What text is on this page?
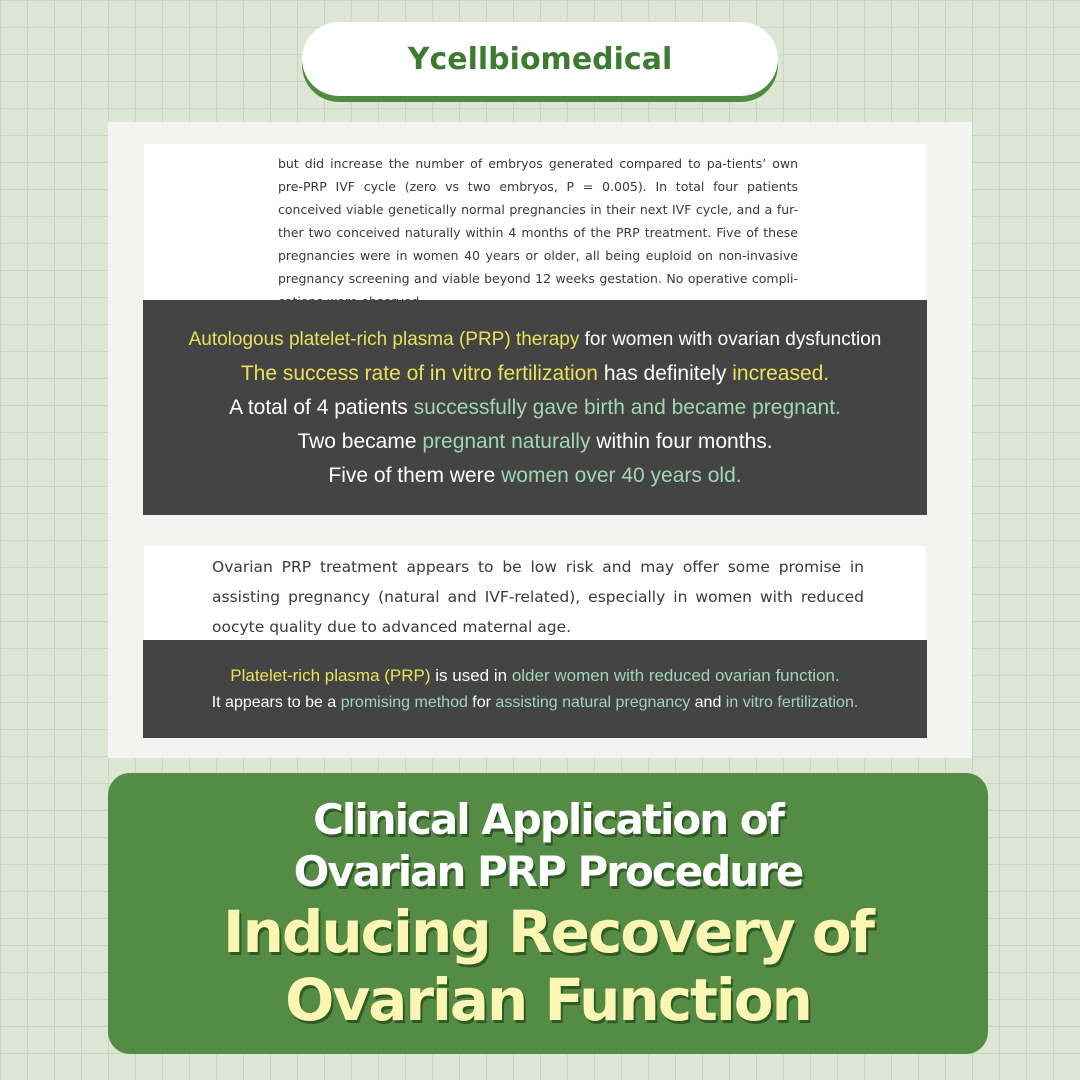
Ycellbiomedical

but did increase the number of embryos generated compared to pa-tients’ own pre-PRP IVF cycle (zero vs two embryos, P = 0.005). In total four patients conceived viable genetically normal pregnancies in their next IVF cycle, and a fur-ther two conceived naturally within 4 months of the PRP treatment. Five of these pregnancies were in women 40 years or older, all being euploid on non-invasive pregnancy screening and viable beyond 12 weeks gestation. No operative compli-

Autologous platelet-rich plasma (PRP) therapy for women with ovarian dysfunction
The success rate of in vitro fertilization has definitely increased.
A total of 4 patients successfully gave birth and became pregnant.
Two became pregnant naturally within four months.
Five of them were women over 40 years old.

Ovarian PRP treatment appears to be low risk and may offer some promise in assisting pregnancy (natural and IVF-related), especially in women with reduced oocyte quality due to advanced maternal age.

Platelet-rich plasma (PRP) is used in older women with reduced ovarian function.
It appears to be a promising method for assisting natural pregnancy and in vitro fertilization.
Clinical Application of
Ovarian PRP Procedure
Inducing Recovery of
Ovarian Function
